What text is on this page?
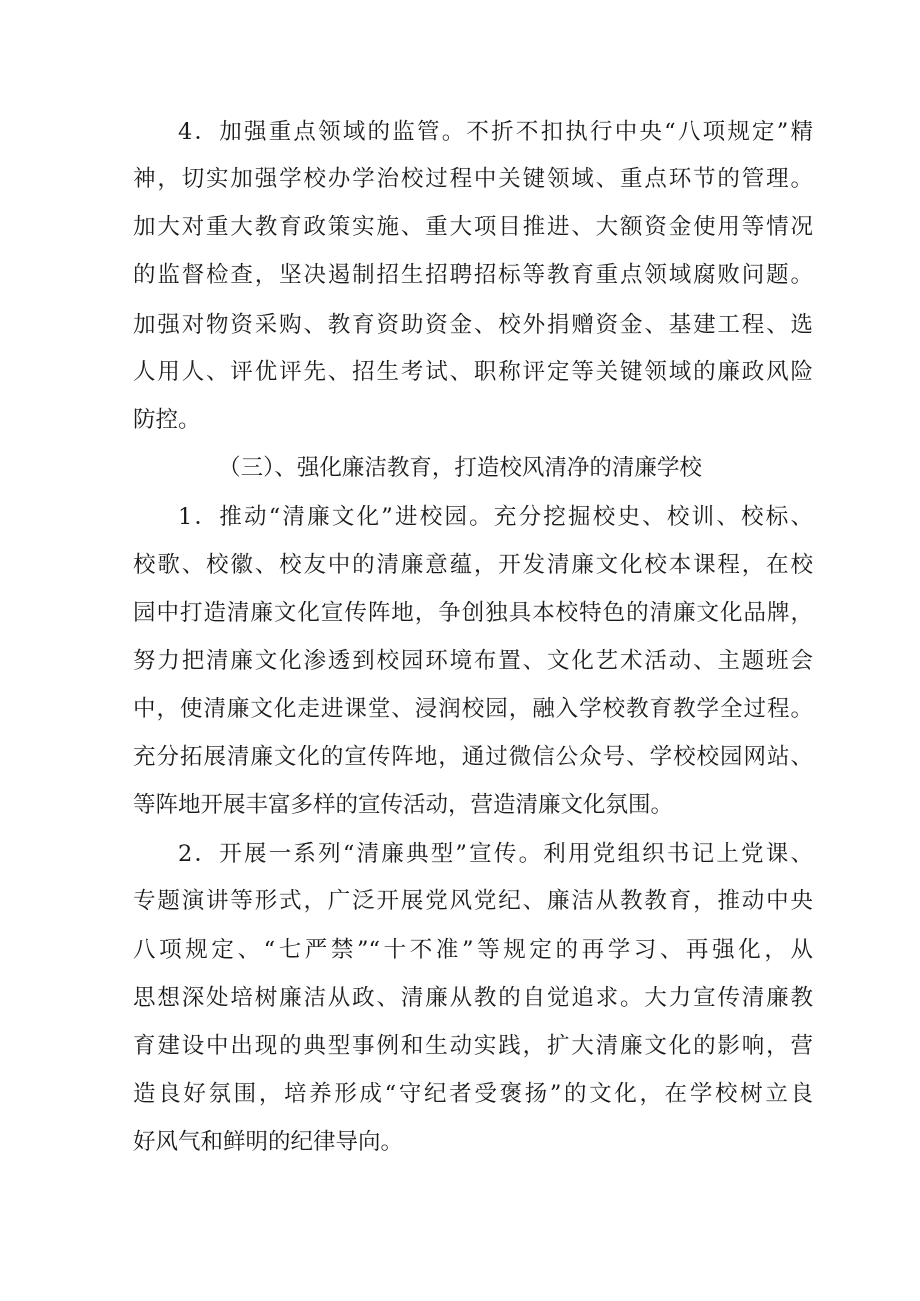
4．加强重点领域的监管。不折不扣执行中央“八项规定”精

神，切实加强学校办学治校过程中关键领域、重点环节的管理。

加大对重大教育政策实施、重大项目推进、大额资金使用等情况

的监督检查，坚决遏制招生招聘招标等教育重点领域腐败问题。

加强对物资采购、教育资助资金、校外捐赠资金、基建工程、选

人用人、评优评先、招生考试、职称评定等关键领域的廉政风险

防控。

（三）、强化廉洁教育，打造校风清净的清廉学校

1．推动“清廉文化”进校园。充分挖掘校史、校训、校标、

校歌、校徽、校友中的清廉意蕴，开发清廉文化校本课程，在校

园中打造清廉文化宣传阵地，争创独具本校特色的清廉文化品牌，

努力把清廉文化渗透到校园环境布置、文化艺术活动、主题班会

中，使清廉文化走进课堂、浸润校园，融入学校教育教学全过程。

充分拓展清廉文化的宣传阵地，通过微信公众号、学校校园网站、

等阵地开展丰富多样的宣传活动，营造清廉文化氛围。

2．开展一系列“清廉典型”宣传。利用党组织书记上党课、

专题演讲等形式，广泛开展党风党纪、廉洁从教教育，推动中央

八项规定、“七严禁”“十不准”等规定的再学习、再强化，从

思想深处培树廉洁从政、清廉从教的自觉追求。大力宣传清廉教

育建设中出现的典型事例和生动实践，扩大清廉文化的影响，营

造良好氛围，培养形成“守纪者受褒扬”的文化，在学校树立良

好风气和鲜明的纪律导向。
